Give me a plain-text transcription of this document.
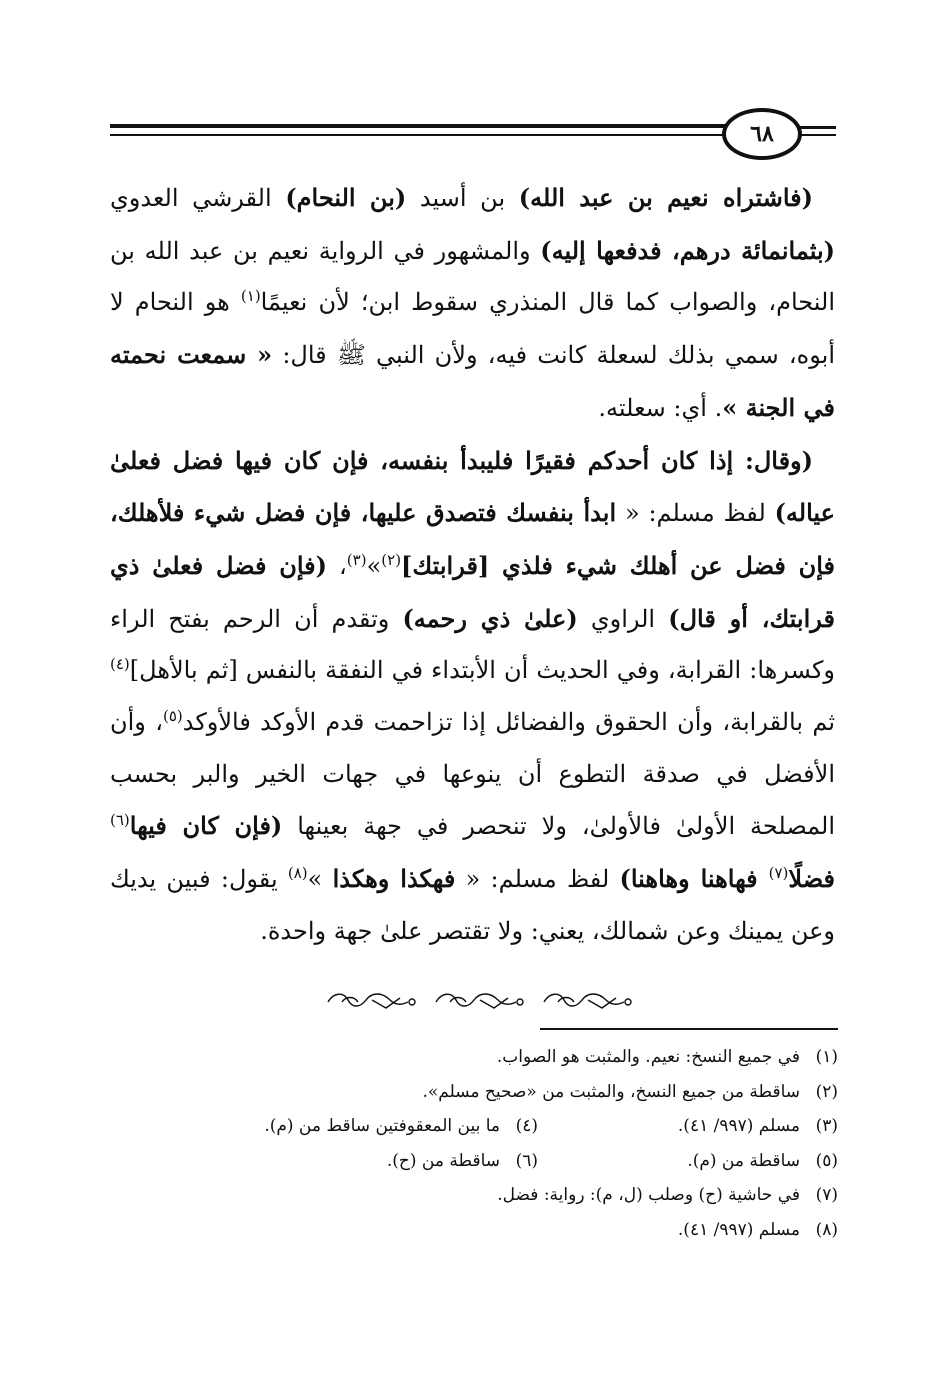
٦٨

(فاشتراه نعيم بن عبد الله) بن أسيد (بن النحام) القرشي العدوي (بثمانمائة درهم، فدفعها إليه) والمشهور في الرواية نعيم بن عبد الله بن النحام، والصواب كما قال المنذري سقوط ابن؛ لأن نعيمًا$^{(١)}$ هو النحام لا أبوه، سمي بذلك لسعلة كانت فيه، ولأن النبي ﷺ قال: « سمعت نحمته في الجنة ». أي: سعلته.

(وقال: إذا كان أحدكم فقيرًا فليبدأ بنفسه، فإن كان فيها فضل فعلىٰ عياله) لفظ مسلم: « ابدأ بنفسك فتصدق عليها، فإن فضل شيء فلأهلك، فإن فضل عن أهلك شيء فلذي [قرابتك]$^{(٢)}$»$^{(٣)}$، (فإن فضل فعلىٰ ذي قرابتك، أو قال) الراوي (علىٰ ذي رحمه) وتقدم أن الرحم بفتح الراء وكسرها: القرابة، وفي الحديث أن الأبتداء في النفقة بالنفس [ثم بالأهل]$^{(٤)}$ ثم بالقرابة، وأن الحقوق والفضائل إذا تزاحمت قدم الأوكد فالأوكد$^{(٥)}$، وأن الأفضل في صدقة التطوع أن ينوعها في جهات الخير والبر بحسب المصلحة الأولىٰ فالأولىٰ، ولا تنحصر في جهة بعينها (فإن كان فيها$^{(٦)}$ فضلًا$^{(٧)}$ فهاهنا وهاهنا) لفظ مسلم: « فهكذا وهكذا »$^{(٨)}$ يقول: فبين يديك وعن يمينك وعن شمالك، يعني: ولا تقتصر علىٰ جهة واحدة.

(١)في جميع النسخ: نعيم. والمثبت هو الصواب.
(٢)ساقطة من جميع النسخ، والمثبت من «صحيح مسلم».
(٣)مسلم (٩٩٧/ ٤١).
(٤)ما بين المعقوفتين ساقط من (م).
(٥)ساقطة من (م).
(٦)ساقطة من (ح).
(٧)في حاشية (ح) وصلب (ل، م): رواية: فضل.
(٨)مسلم (٩٩٧/ ٤١).
